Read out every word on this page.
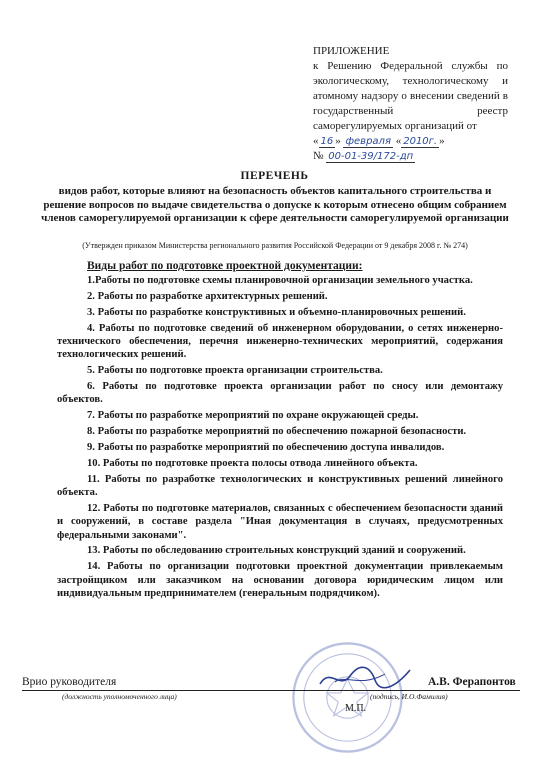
ПРИЛОЖЕНИЕ
к Решению Федеральной службы по экологическому, технологическому и атомному надзору о внесении сведений в государственный реестр саморегулируемых организаций от
« 16 » февраля « 2010г. »
№ 00-01-39/172-дп
ПЕРЕЧЕНЬ
видов работ, которые влияют на безопасность объектов капитального строительства и решение вопросов по выдаче свидетельства о допуске к которым отнесено общим собранием членов саморегулируемой организации к сфере деятельности саморегулируемой организации
(Утвержден приказом Министерства регионального развития Российской Федерации от 9 декабря 2008 г. № 274)
Виды работ по подготовке проектной документации:

1.Работы по подготовке схемы планировочной организации земельного участка.

2. Работы по разработке архитектурных решений.

3. Работы по разработке конструктивных и объемно-планировочных решений.

4. Работы по подготовке сведений об инженерном оборудовании, о сетях инженерно-технического обеспечения, перечня инженерно-технических мероприятий, содержания технологических решений.

5. Работы по подготовке проекта организации строительства.

6. Работы по подготовке проекта организации работ по сносу или демонтажу объектов.

7. Работы по разработке мероприятий по охране окружающей среды.

8. Работы по разработке мероприятий по обеспечению пожарной безопасности.

9. Работы по разработке мероприятий по обеспечению доступа инвалидов.

10. Работы по подготовке проекта полосы отвода линейного объекта.

11. Работы по разработке технологических и конструктивных решений линейного объекта.

12. Работы по подготовке материалов, связанных с обеспечением безопасности зданий и сооружений, в составе раздела "Иная документация в случаях, предусмотренных федеральными законами".

13. Работы по обследованию строительных конструкций зданий и сооружений.

14. Работы по организации подготовки проектной документации привлекаемым застройщиком или заказчиком на основании договора юридическим лицом или индивидуальным предпринимателем (генеральным подрядчиком).

Врио руководителя
(должность уполномоченного лица)
А.В. Ферапонтов
(подпись, И.О.Фамилия)
М.П.
